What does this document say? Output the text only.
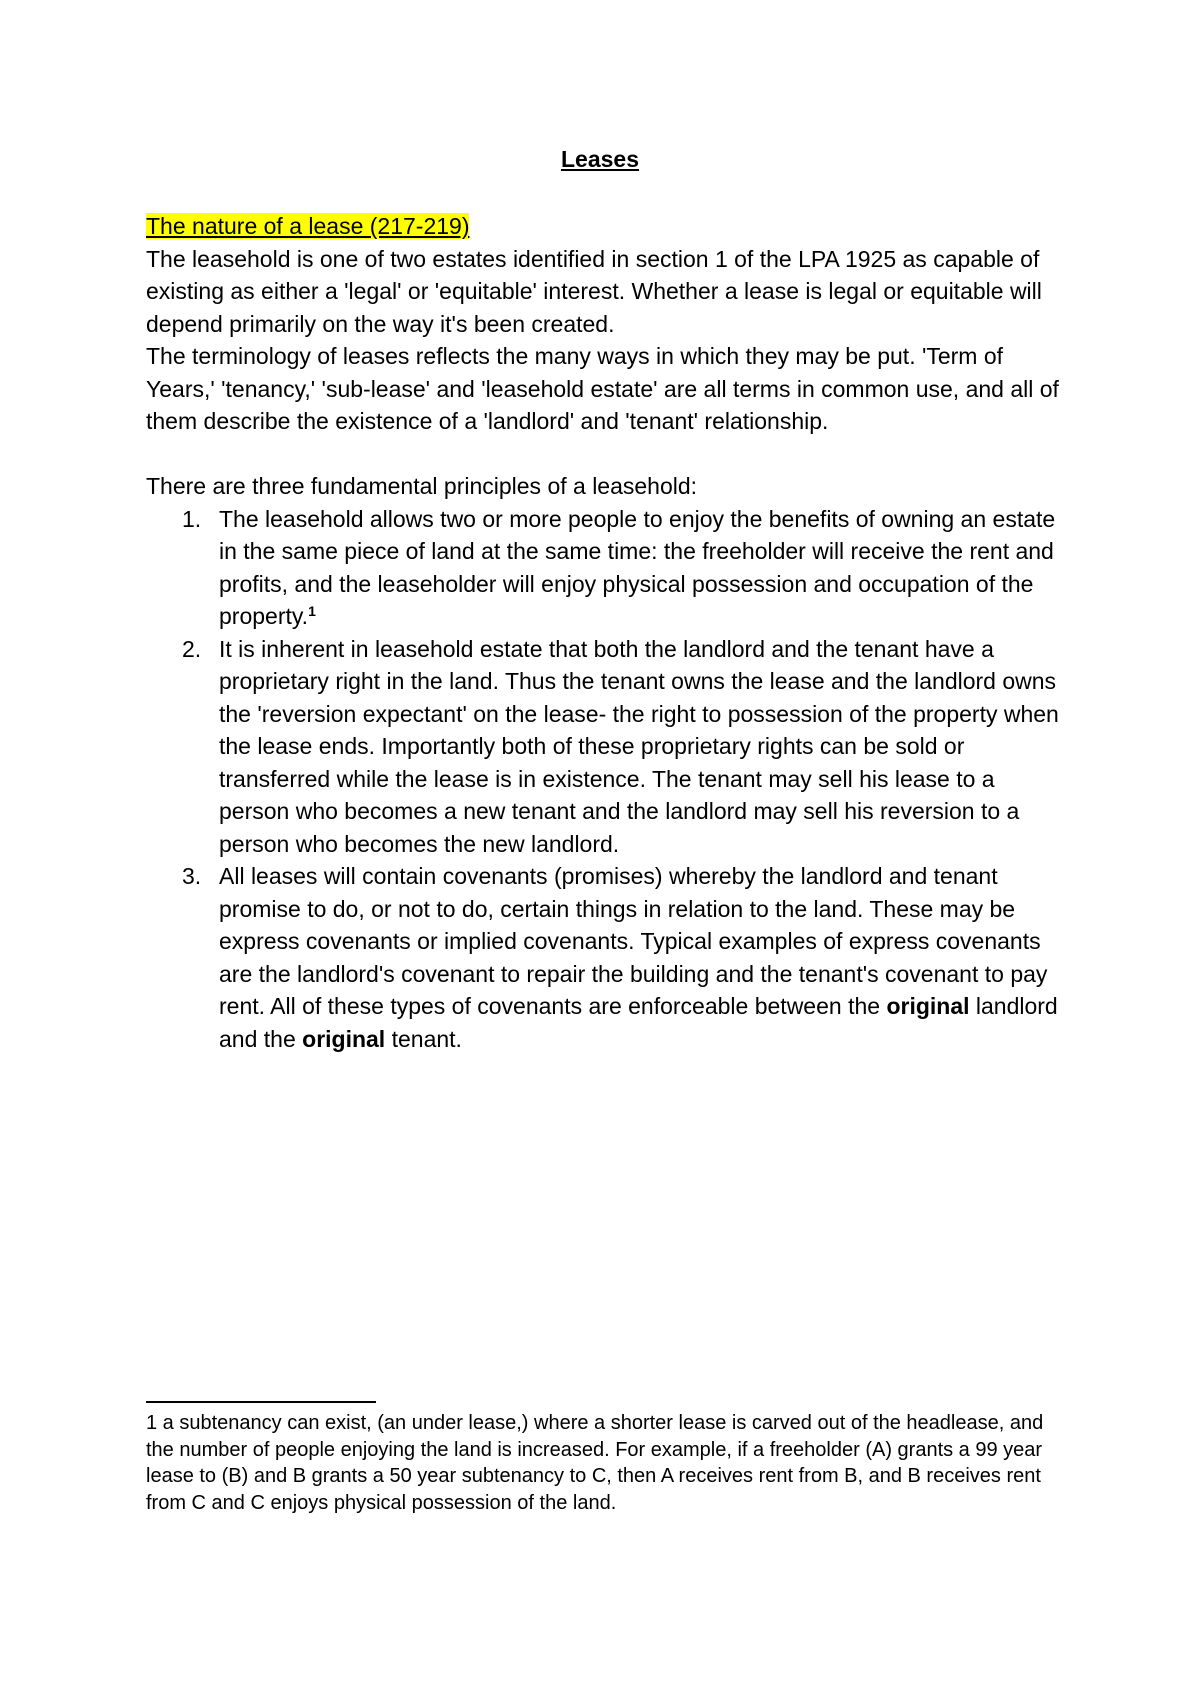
Leases

The nature of a lease (217-219)

The leasehold is one of two estates identified in section 1 of the LPA 1925 as capable of existing as either a 'legal' or 'equitable' interest. Whether a lease is legal or equitable will depend primarily on the way it's been created.

The terminology of leases reflects the many ways in which they may be put. 'Term of Years,' 'tenancy,' 'sub-lease' and 'leasehold estate' are all terms in common use, and all of them describe the existence of a 'landlord' and 'tenant' relationship.

There are three fundamental principles of a leasehold:

1. The leasehold allows two or more people to enjoy the benefits of owning an estate in the same piece of land at the same time: the freeholder will receive the rent and profits, and the leaseholder will enjoy physical possession and occupation of the property.$^1$
2. It is inherent in leasehold estate that both the landlord and the tenant have a proprietary right in the land. Thus the tenant owns the lease and the landlord owns the 'reversion expectant' on the lease- the right to possession of the property when the lease ends. Importantly both of these proprietary rights can be sold or transferred while the lease is in existence. The tenant may sell his lease to a person who becomes a new tenant and the landlord may sell his reversion to a person who becomes the new landlord.
3. All leases will contain covenants (promises) whereby the landlord and tenant promise to do, or not to do, certain things in relation to the land. These may be express covenants or implied covenants. Typical examples of express covenants are the landlord's covenant to repair the building and the tenant's covenant to pay rent. All of these types of covenants are enforceable between the original landlord and the original tenant.
1 a subtenancy can exist, (an under lease,) where a shorter lease is carved out of the headlease, and the number of people enjoying the land is increased. For example, if a freeholder (A) grants a 99 year lease to (B) and B grants a 50 year subtenancy to C, then A receives rent from B, and B receives rent from C and C enjoys physical possession of the land.
